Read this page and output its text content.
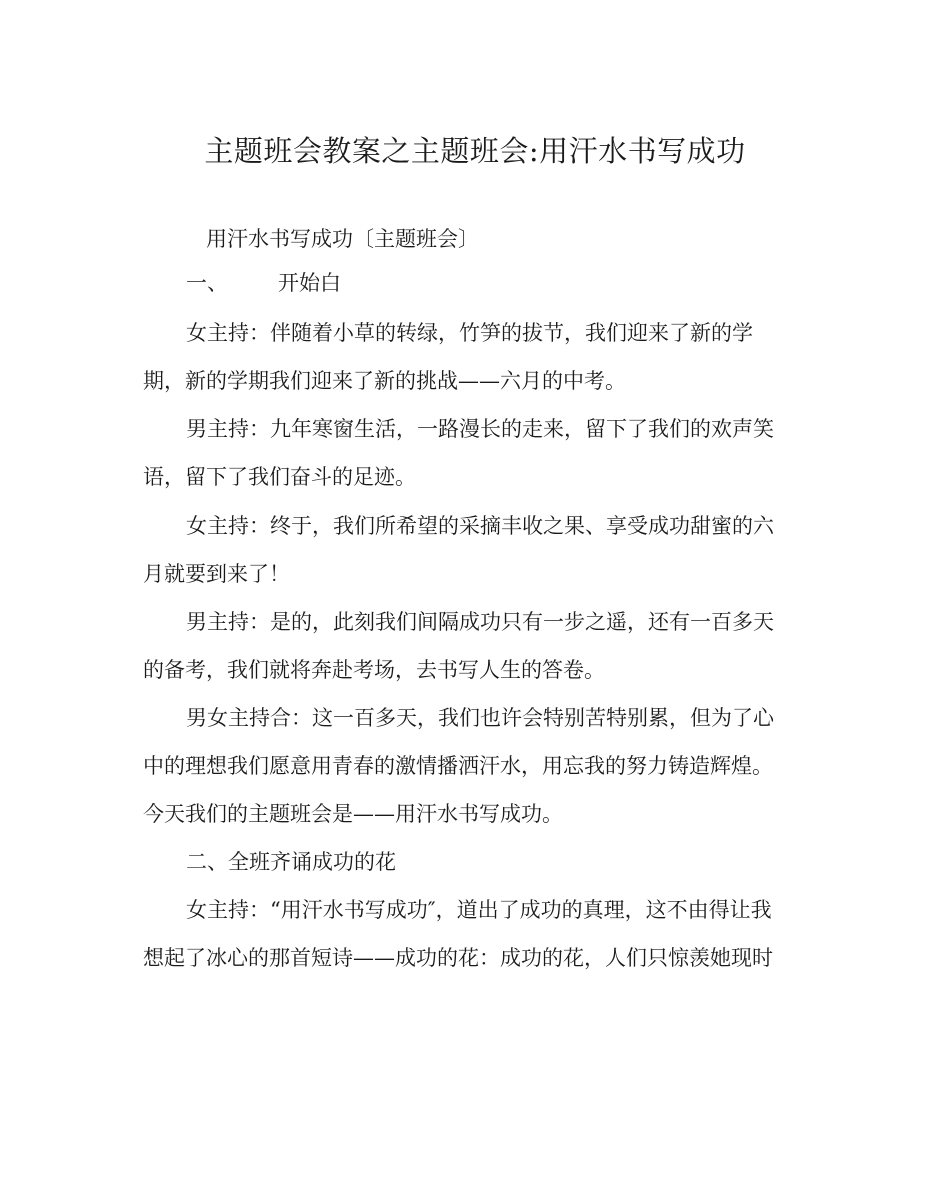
主题班会教案之主题班会:用汗水书写成功
用汗水书写成功〔主题班会〕
一、 开始白
女主持：伴随着小草的转绿，竹笋的拔节，我们迎来了新的学
期，新的学期我们迎来了新的挑战——六月的中考。
男主持：九年寒窗生活，一路漫长的走来，留下了我们的欢声笑
语，留下了我们奋斗的足迹。
女主持：终于，我们所希望的采摘丰收之果、享受成功甜蜜的六
月就要到来了！
男主持：是的，此刻我们间隔成功只有一步之遥，还有一百多天
的备考，我们就将奔赴考场，去书写人生的答卷。
男女主持合：这一百多天，我们也许会特别苦特别累，但为了心
中的理想我们愿意用青春的激情播洒汗水，用忘我的努力铸造辉煌。
今天我们的主题班会是——用汗水书写成功。
二、全班齐诵成功的花
女主持：“用汗水书写成功″，道出了成功的真理，这不由得让我
想起了冰心的那首短诗——成功的花：成功的花，人们只惊羡她现时
